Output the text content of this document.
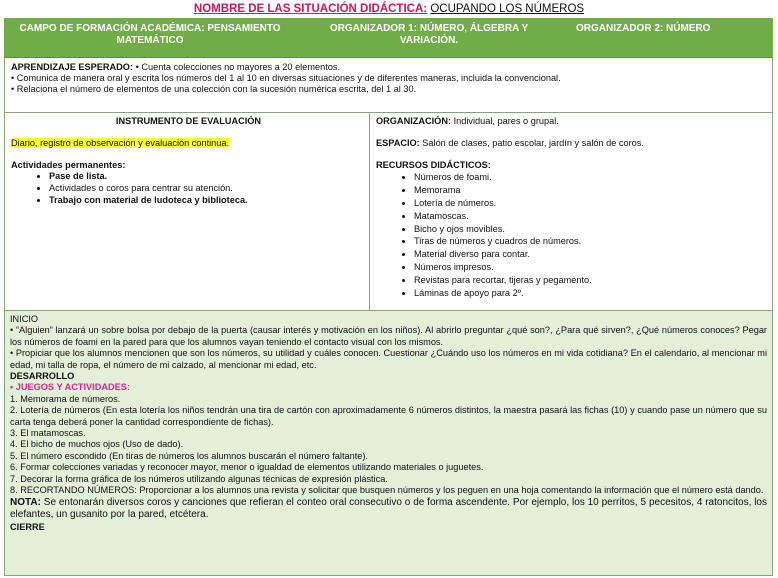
NOMBRE DE LAS SITUACIÓN DIDÁCTICA: OCUPANDO LOS NÚMEROS
CAMPO DE FORMACIÓN ACADÉMICA: PENSAMIENTO MATEMÁTICO
ORGANIZADOR 1: NÚMERO, ÁLGEBRA Y VARIACIÓN.
ORGANIZADOR 2: NÚMERO
APRENDIZAJE ESPERADO: • Cuenta colecciones no mayores a 20 elementos.
• Comunica de manera oral y escrita los números del 1 al 10 en diversas situaciones y de diferentes maneras, incluida la convencional.
• Relaciona el número de elementos de una colección con la sucesión numérica escrita, del 1 al 30.
INSTRUMENTO DE EVALUACIÓN
Diario, registro de observación y evaluación continua.
Actividades permanentes:
• Pase de lista.
• Actividades o coros para centrar su atención.
• Trabajo con material de ludoteca y biblioteca.
ORGANIZACIÓN: Individual, pares o grupal.
ESPACIO: Salón de clases, patio escolar, jardín y salón de coros.
RECURSOS DIDÁCTICOS:
• Números de foami.
• Memorama
• Lotería de números.
• Matamoscas.
• Bicho y ojos movibles.
• Tiras de números y cuadros de números.
• Material diverso para contar.
• Números impresos.
• Revistas para recortar, tijeras y pegamento.
• Láminas de apoyo para 2º.
INICIO
• “Alguien” lanzará un sobre bolsa por debajo de la puerta (causar interés y motivación en los niños). Al abrirlo preguntar ¿qué son?, ¿Para qué sirven?, ¿Qué números conoces? Pegar los números de foami en la pared para que los alumnos vayan teniendo el contacto visual con los mismos.
• Propiciar que los alumnos mencionen que son los números, su utilidad y cuáles conocen. Cuestionar ¿Cuándo uso los números en mi vida cotidiana? En el calendario, al mencionar mi edad, mi talla de ropa, el número de mi calzado, al mencionar mi edad, etc.
DESARROLLO
• JUEGOS Y ACTIVIDADES:
1. Memorama de números.
2. Lotería de números (En esta lotería los niños tendrán una tira de cartón con aproximadamente 6 números distintos, la maestra pasará las fichas (10) y cuando pase un número que su carta tenga deberá poner la cantidad correspondiente de fichas).
3. El matamoscas.
4. El bicho de muchos ojos (Uso de dado).
5. El número escondido (En tiras de números los alumnos buscarán el número faltante).
6. Formar colecciones variadas y reconocer mayor, menor o igualdad de elementos utilizando materiales o juguetes.
7. Decorar la forma gráfica de los números utilizando algunas técnicas de expresión plástica.
8. RECORTANDO NÚMEROS: Proporcionar a los alumnos una revista y solicitar que busquen números y los peguen en una hoja comentando la información que el número está dando.
NOTA: Se entonarán diversos coros y canciones que refieran el conteo oral consecutivo o de forma ascendente. Por ejemplo, los 10 perritos, 5 pecesitos, 4 ratoncitos, los elefantes, un gusanito por la pared, etcétera.
CIERRE
